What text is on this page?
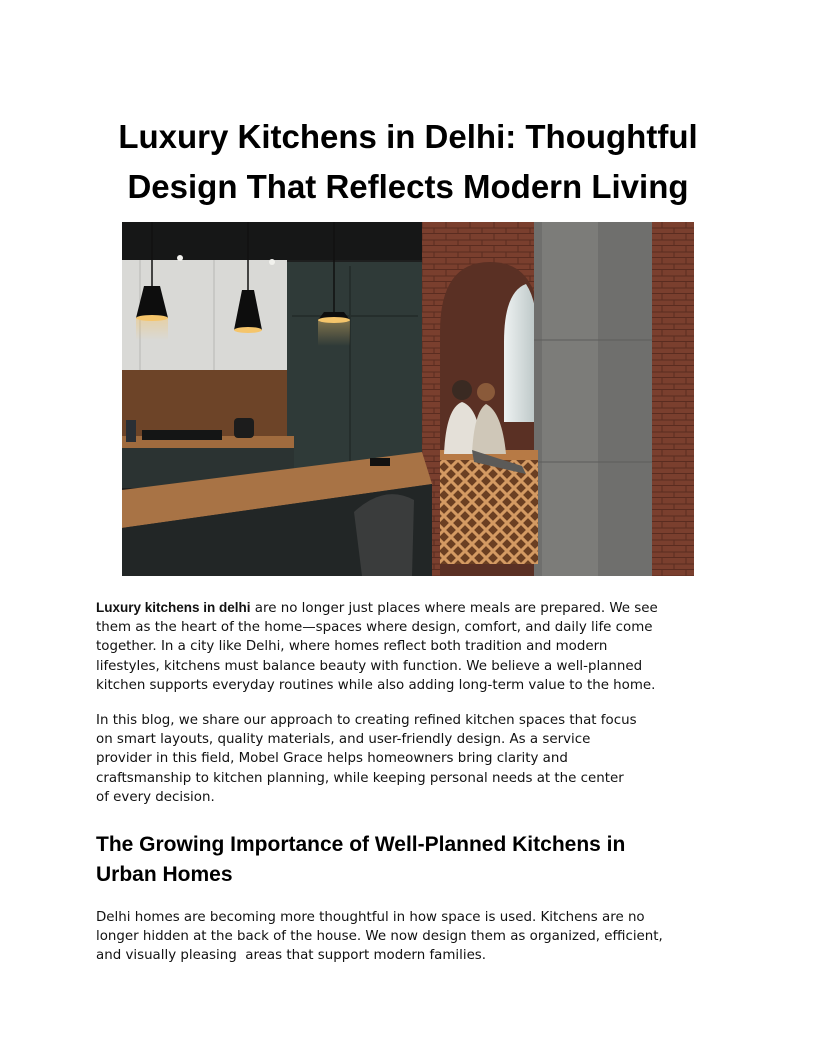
Luxury Kitchens in Delhi: Thoughtful
Design That Reflects Modern Living

Luxury kitchens in delhi are no longer just places where meals are prepared. We see
them as the heart of the home—spaces where design, comfort, and daily life come
together. In a city like Delhi, where homes reflect both tradition and modern
lifestyles, kitchens must balance beauty with function. We believe a well-planned
kitchen supports everyday routines while also adding long-term value to the home.

In this blog, we share our approach to creating refined kitchen spaces that focus
on smart layouts, quality materials, and user-friendly design. As a service
provider in this field, Mobel Grace helps homeowners bring clarity and
craftsmanship to kitchen planning, while keeping personal needs at the center
of every decision.

The Growing Importance of Well-Planned Kitchens in
Urban Homes

Delhi homes are becoming more thoughtful in how space is used. Kitchens are no
longer hidden at the back of the house. We now design them as organized, efficient,
and visually pleasing  areas that support modern families.
